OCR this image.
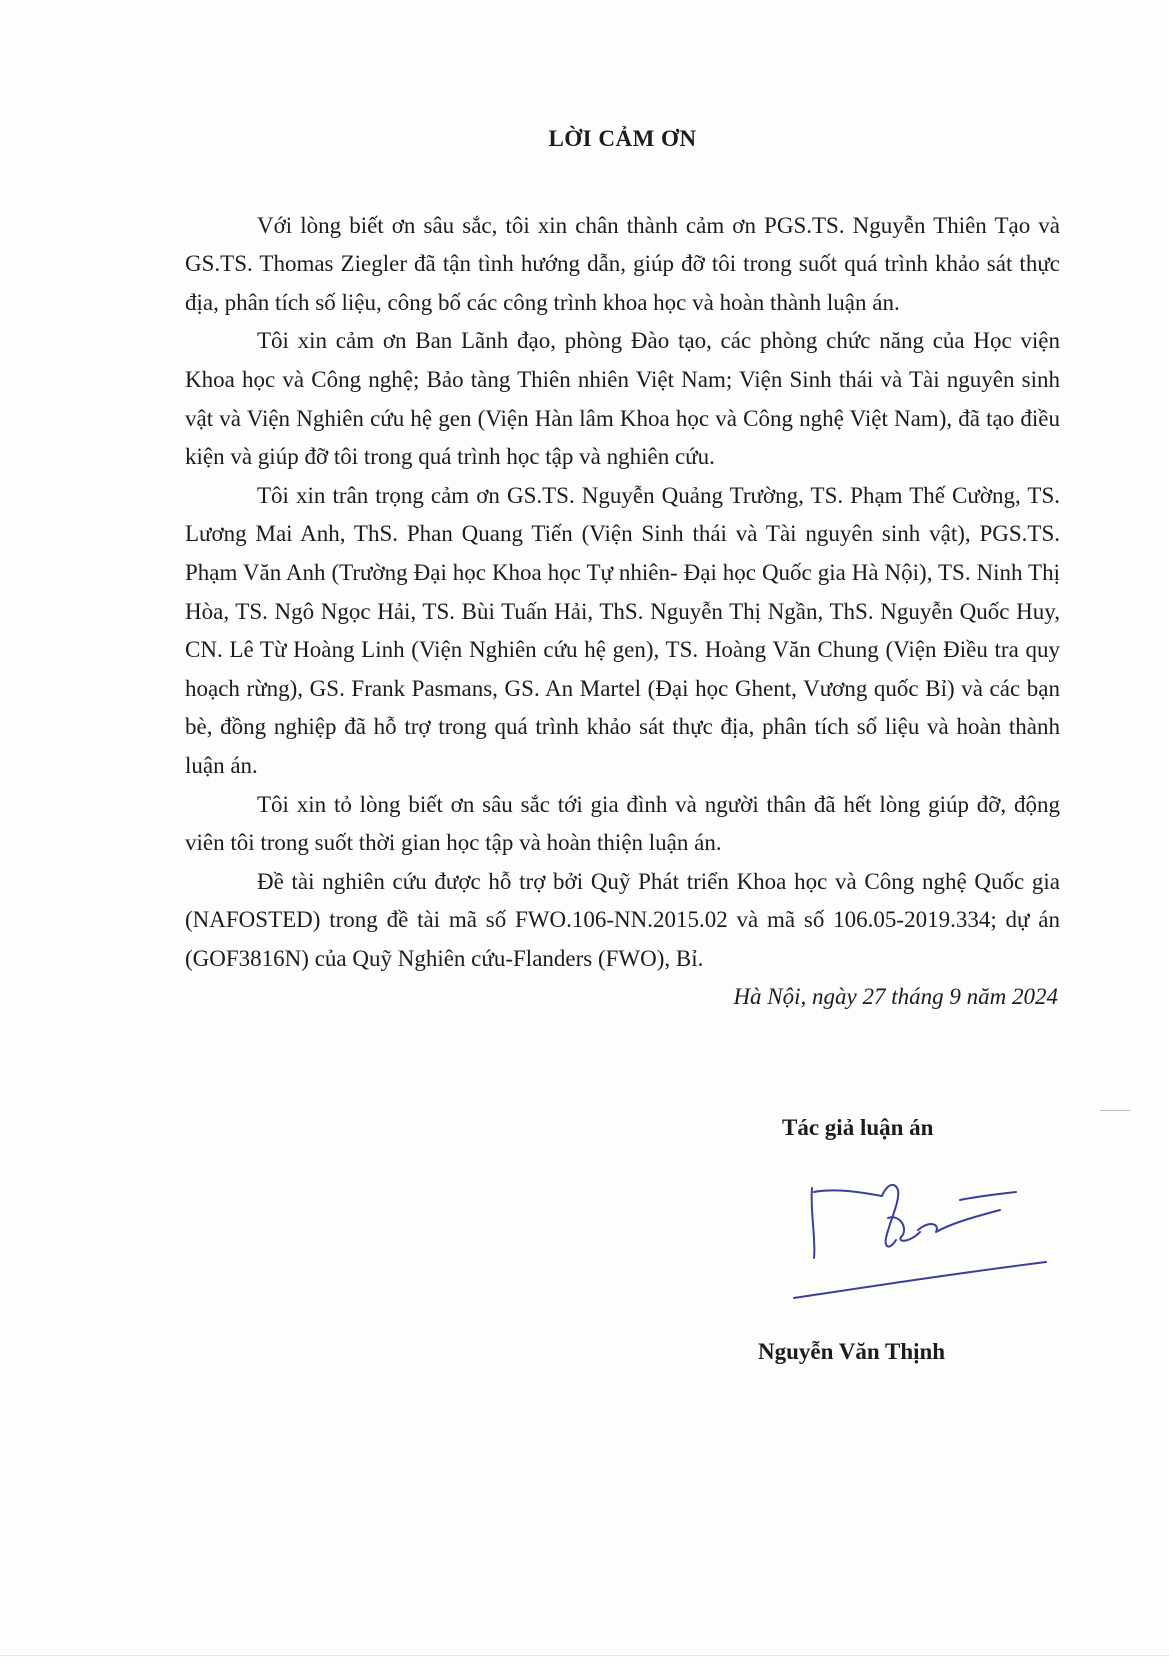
LỜI CẢM ƠN

Với lòng biết ơn sâu sắc, tôi xin chân thành cảm ơn PGS.TS. Nguyễn Thiên Tạo và GS.TS. Thomas Ziegler đã tận tình hướng dẫn, giúp đỡ tôi trong suốt quá trình khảo sát thực địa, phân tích số liệu, công bố các công trình khoa học và hoàn thành luận án.

Tôi xin cảm ơn Ban Lãnh đạo, phòng Đào tạo, các phòng chức năng của Học viện Khoa học và Công nghệ; Bảo tàng Thiên nhiên Việt Nam; Viện Sinh thái và Tài nguyên sinh vật và Viện Nghiên cứu hệ gen (Viện Hàn lâm Khoa học và Công nghệ Việt Nam), đã tạo điều kiện và giúp đỡ tôi trong quá trình học tập và nghiên cứu.

Tôi xin trân trọng cảm ơn GS.TS. Nguyễn Quảng Trường, TS. Phạm Thế Cường, TS. Lương Mai Anh, ThS. Phan Quang Tiến (Viện Sinh thái và Tài nguyên sinh vật), PGS.TS. Phạm Văn Anh (Trường Đại học Khoa học Tự nhiên- Đại học Quốc gia Hà Nội), TS. Ninh Thị Hòa, TS. Ngô Ngọc Hải, TS. Bùi Tuấn Hải, ThS. Nguyễn Thị Ngần, ThS. Nguyễn Quốc Huy, CN. Lê Từ Hoàng Linh (Viện Nghiên cứu hệ gen), TS. Hoàng Văn Chung (Viện Điều tra quy hoạch rừng), GS. Frank Pasmans, GS. An Martel (Đại học Ghent, Vương quốc Bỉ) và các bạn bè, đồng nghiệp đã hỗ trợ trong quá trình khảo sát thực địa, phân tích số liệu và hoàn thành luận án.

Tôi xin tỏ lòng biết ơn sâu sắc tới gia đình và người thân đã hết lòng giúp đỡ, động viên tôi trong suốt thời gian học tập và hoàn thiện luận án.

Đề tài nghiên cứu được hỗ trợ bởi Quỹ Phát triển Khoa học và Công nghệ Quốc gia (NAFOSTED) trong đề tài mã số FWO.106-NN.2015.02 và mã số 106.05-2019.334; dự án (GOF3816N) của Quỹ Nghiên cứu-Flanders (FWO), Bỉ.

Hà Nội, ngày 27 tháng 9 năm 2024

Tác giả luận án
Nguyễn Văn Thịnh
